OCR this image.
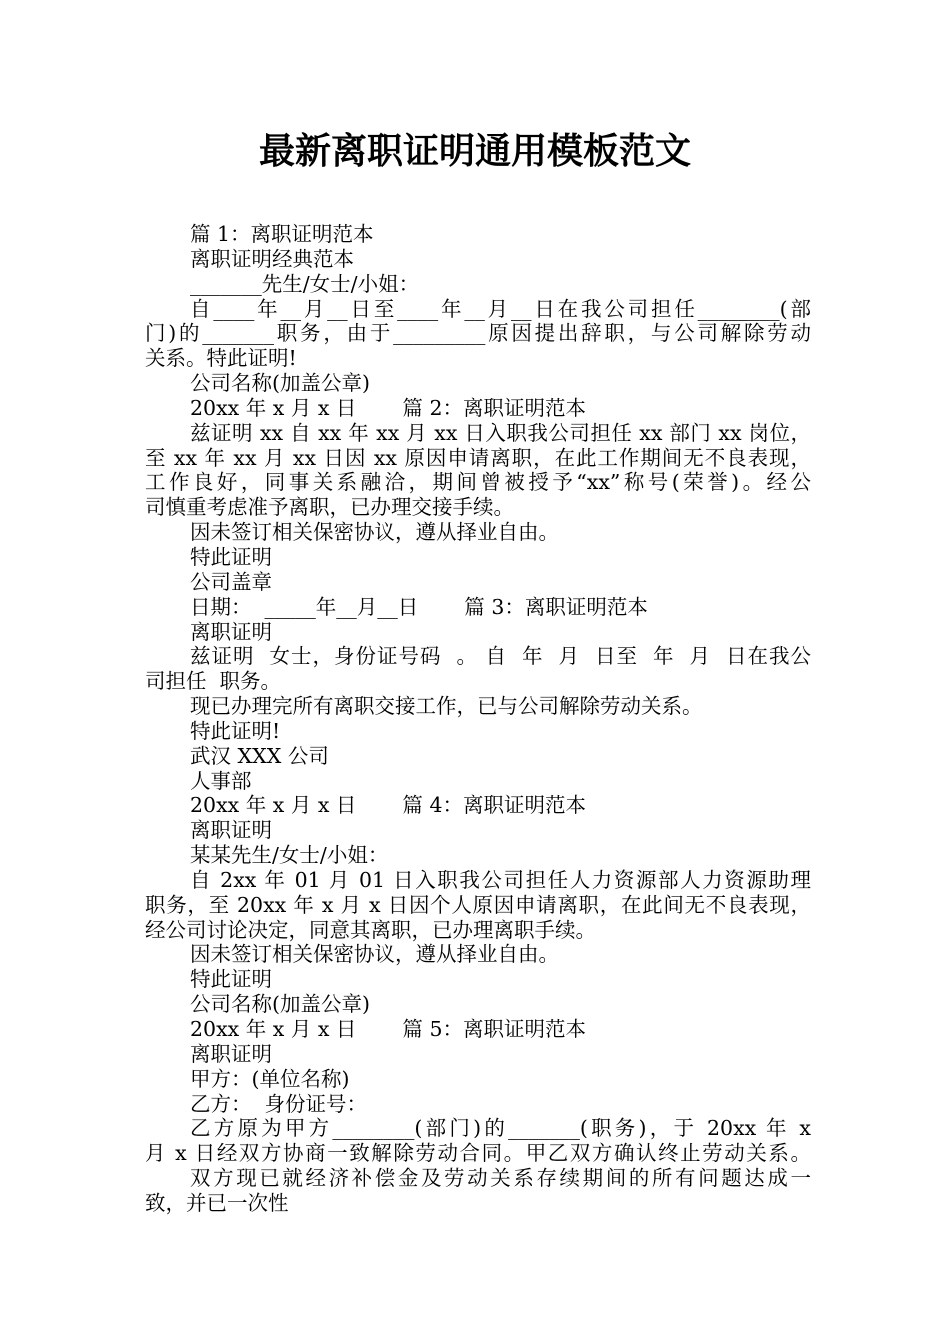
最新离职证明通用模板范文
篇 1：离职证明范本
离职证明经典范本
_______先生/女士/小姐：
自____年__月__日至____年__月__日在我公司担任________(部
门)的_______职务，由于_________原因提出辞职，与公司解除劳动
关系。特此证明!
公司名称(加盖公章)
20xx 年 x 月 x 日 篇 2：离职证明范本
兹证明 xx 自 xx 年 xx 月 xx 日入职我公司担任 xx 部门 xx 岗位，
至 xx 年 xx 月 xx 日因 xx 原因申请离职，在此工作期间无不良表现，
工作良好，同事关系融洽，期间曾被授予“xx”称号(荣誉)。经公
司慎重考虑准予离职，已办理交接手续。
因未签订相关保密协议，遵从择业自由。
特此证明
公司盖章
日期：  _____年__月__日 篇 3：离职证明范本
离职证明
兹证明  女士，身份证号码  。 自  年  月  日至  年  月  日在我公
司担任  职务。
现已办理完所有离职交接工作，已与公司解除劳动关系。
特此证明!
武汉 XXX 公司
人事部
20xx 年 x 月 x 日 篇 4：离职证明范本
离职证明
某某先生/女士/小姐：
自 2xx 年 01 月 01 日入职我公司担任人力资源部人力资源助理
职务，至 20xx 年 x 月 x 日因个人原因申请离职，在此间无不良表现，
经公司讨论决定，同意其离职，已办理离职手续。
因未签订相关保密协议，遵从择业自由。
特此证明
公司名称(加盖公章)
20xx 年 x 月 x 日 篇 5：离职证明范本
离职证明
甲方：(单位名称)
乙方：  身份证号：
乙方原为甲方________(部门)的_______(职务)，于 20xx 年 x
月 x 日经双方协商一致解除劳动合同。甲乙双方确认终止劳动关系。
双方现已就经济补偿金及劳动关系存续期间的所有问题达成一
致，并已一次性
